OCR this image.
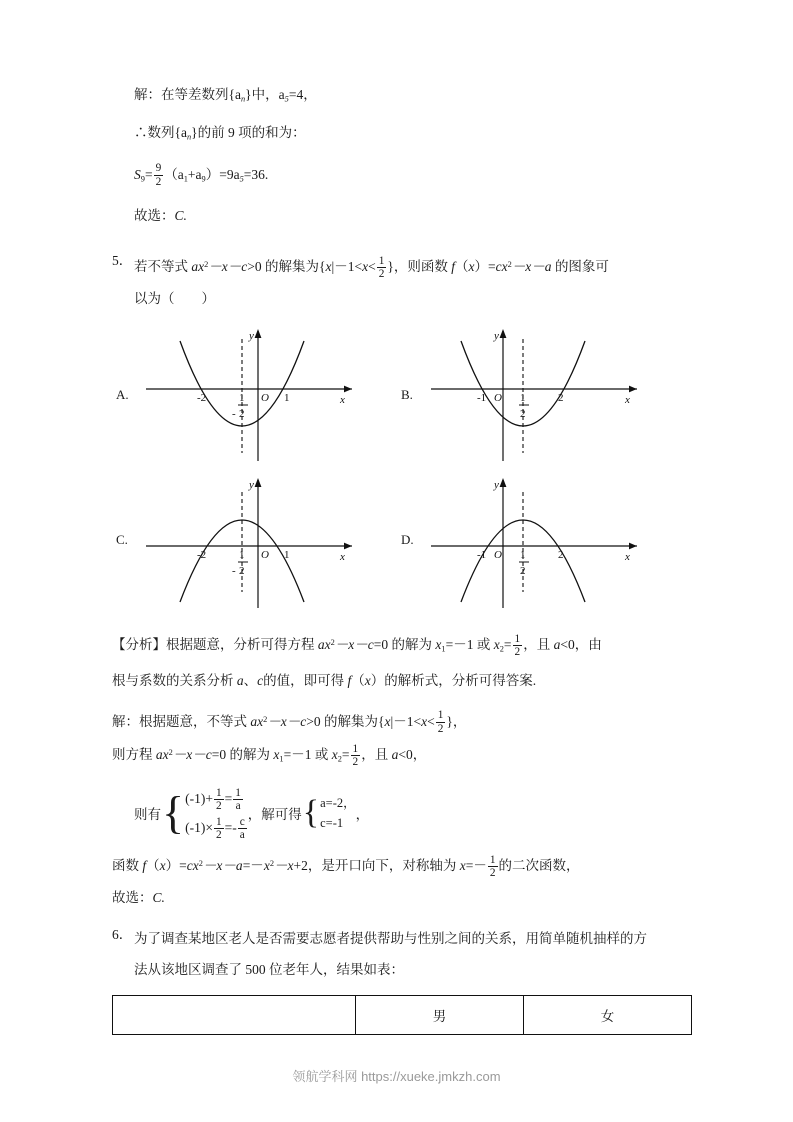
解：在等差数列$\{a_n\}$中，$a_5=4$，
∴数列$\{a_n\}$的前 9 项的和为：
$S_9= \frac{9}{2} (a_1+a_9)=9a_5=36$.
故选：C.
5． 若不等式 $ax^2-x-c>0$ 的解集为{$x|-1<x< \frac{1}{2}$ }，则函数 $f(x)=cx^2-x-a$ 的图象可
以为（　　）
A.	-2	1 O 1
- 2
x
y
B.	-1 O 1
2
2	x
y
C.
-2	1 O 1
- 2
x
y
D.
-1 O 1
2
2	x
y
【分析】根据题意，分析可得方程 $ax^2-x-c=0$ 的解为 $x_1=-1$ 或 $x_2= \frac{1}{2}$ ，且 a<0，由
根与系数的关系分析 a、c的值，即可得 f（x）的解析式，分析可得答案.
解：根据题意，不等式 $ax^2-x-c>0$ 的解集为{$x|-1<x< \frac{1}{2}$ }，
则方程 $ax^2-x-c=0$ 的解为 $x_1=-1$ 或 $x_2= \frac{1}{2}$ ，且 a<0，
则有 { $(-1)+ \frac{1}{2} = \frac{1}{a}$
$(-1)\times \frac{1}{2} =- \frac{c}{a}$
，解可得 { a=-2，
c=-1
，
函数 $f(x)=cx^2-x-a=-x^2-x+2$，是开口向下，对称轴为 $x=- \frac{1}{2}$ 的二次函数，
故选：C.
6． 为了调查某地区老人是否需要志愿者提供帮助与性别之间的关系，用简单随机抽样的方
法从该地区调查了 500 位老年人，结果如表：
	男	女
领航学科网 https://xueke.jmkzh.com
